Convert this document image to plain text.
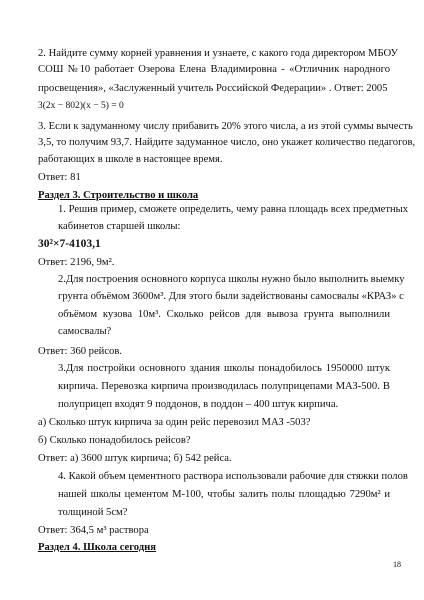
2. Найдите сумму корней уравнения и узнаете, с какого года директором МБОУ
СОШ №10 работает Озерова Елена Владимировна - «Отличник народного
просвещения», «Заслуженный учитель Российской Федерации» . Ответ: 2005
3(2x − 802)(x − 5) = 0
3. Если к задуманному числу прибавить 20% этого числа, а из этой суммы вычесть
3,5, то получим 93,7. Найдите задуманное число, оно укажет количество педагогов,
работающих в школе в настоящее время.
Ответ: 81
Раздел 3. Строительство и школа
1. Решив пример, сможете определить, чему равна площадь всех предметных
кабинетов старшей школы:
30²×7-4103,1
Ответ: 2196, 9м².
2.Для построения основного корпуса школы нужно было выполнить выемку
грунта объёмом 3600м³. Для этого были задействованы самосвалы «КРАЗ» с
объёмом кузова 10м³. Сколько рейсов для вывоза грунта выполнили
самосвалы?
Ответ: 360 рейсов.
3.Для постройки основного здания школы понадобилось 1950000 штук
кирпича. Перевозка кирпича производилась полуприцепами МАЗ-500. В
полуприцеп входят 9 поддонов, в поддон – 400 штук кирпича.
а) Сколько штук кирпича за один рейс перевозил МАЗ -503?
б) Сколько понадобилось рейсов?
Ответ: а) 3600 штук кирпича; б) 542 рейса.
4. Какой объем цементного раствора использовали рабочие для стяжки полов
нашей школы цементом М-100, чтобы залить полы площадью 7290м² и
толщиной 5см?
Ответ: 364,5 м³ раствора
Раздел 4. Школа сегодня
18
